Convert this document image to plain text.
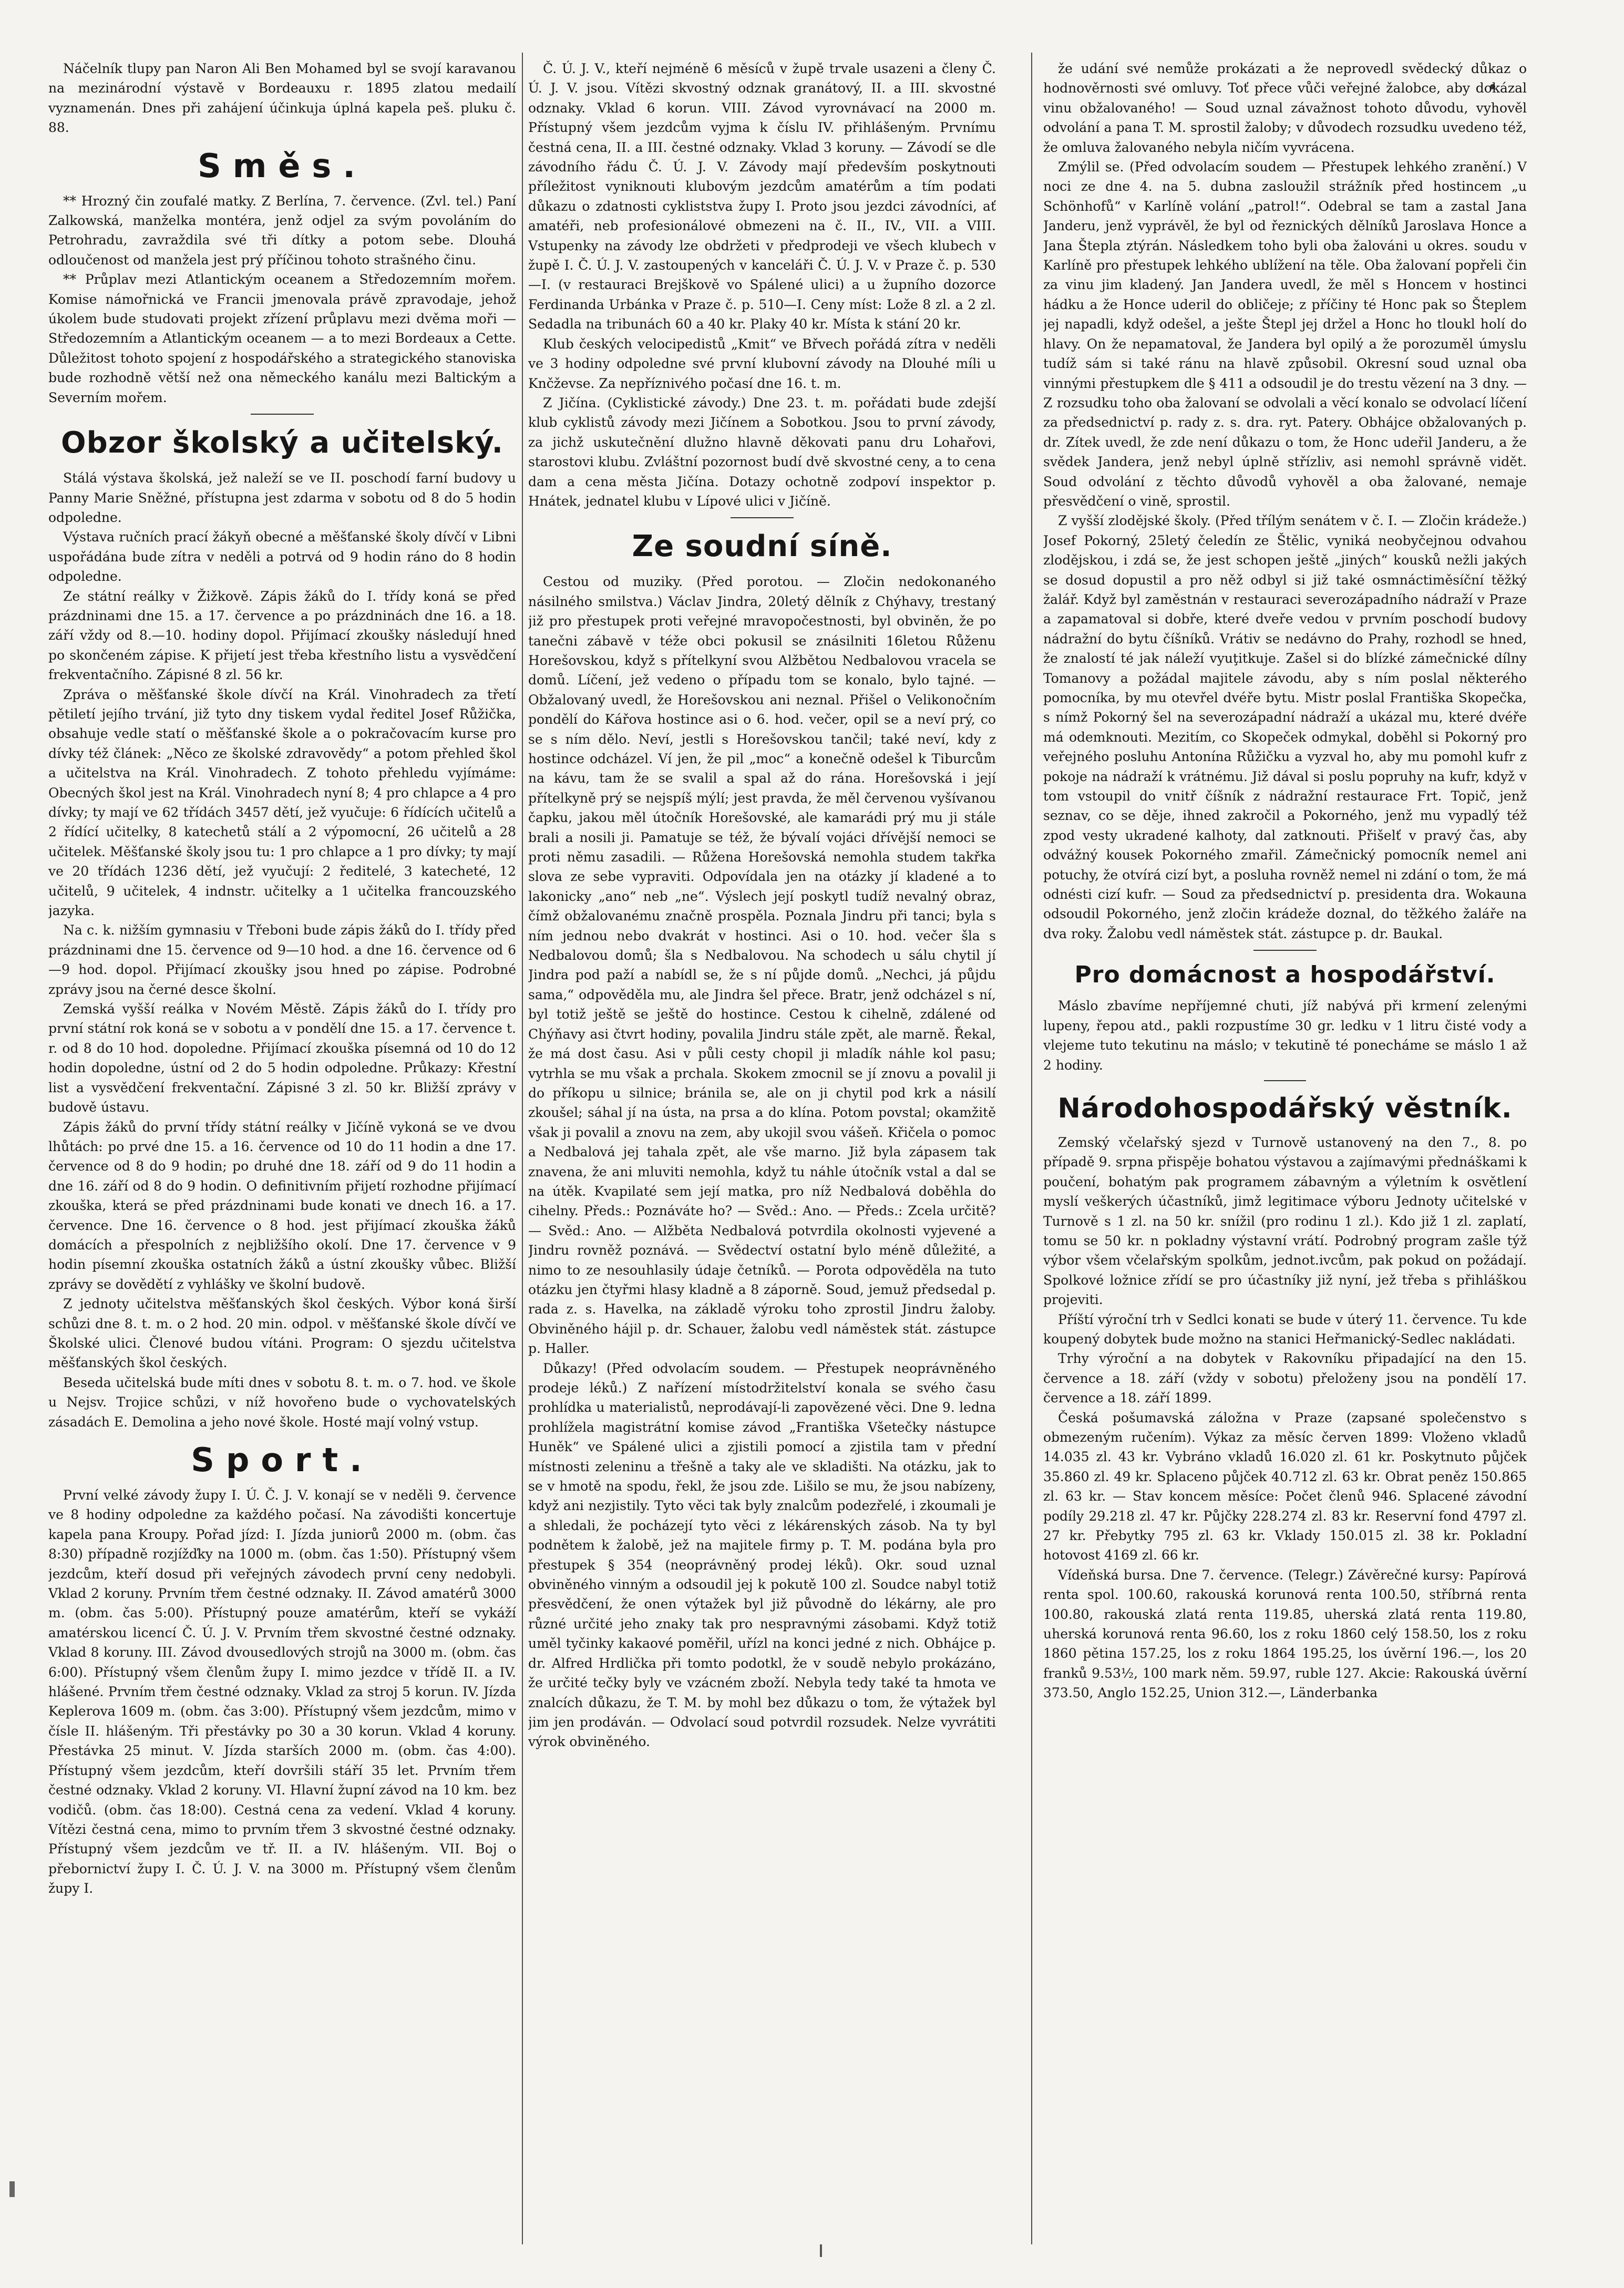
Náčelník tlupy pan Naron Ali Ben Mohamed byl se svojí karavanou na mezinárodní výstavě v Bordeauxu r. 1895 zlatou medailí vyznamenán. Dnes při zahájení účinkuja úplná kapela peš. pluku č. 88.

Směs.

** Hrozný čin zoufalé matky. Z Berlína, 7. července. (Zvl. tel.) Paní Zalkowská, manželka montéra, jenž odjel za svým povoláním do Petrohradu, zavraždila své tři dítky a potom sebe. Dlouhá odloučenost od manžela jest prý příčinou tohoto strašného činu.

** Průplav mezi Atlantickým oceanem a Středozemním mořem. Komise námořnická ve Francii jmenovala právě zpravodaje, jehož úkolem bude studovati projekt zřízení průplavu mezi dvěma moři — Středozemním a Atlantickým oceanem — a to mezi Bordeaux a Cette. Důležitost tohoto spojení z hospodářského a strategického stanoviska bude rozhodně větší než ona německého kanálu mezi Baltickým a Severním mořem.

Obzor školský a učitelský.

Stálá výstava školská, jež naleží se ve II. poschodí farní budovy u Panny Marie Sněžné, přístupna jest zdarma v sobotu od 8 do 5 hodin odpoledne.

Výstava ručních prací žákyň obecné a měšťanské školy dívčí v Libni uspořádána bude zítra v neděli a potrvá od 9 hodin ráno do 8 hodin odpoledne.

Ze státní reálky v Žižkově. Zápis žáků do I. třídy koná se před prázdninami dne 15. a 17. července a po prázdninách dne 16. a 18. září vždy od 8.—10. hodiny dopol. Přijímací zkoušky následují hned po skončeném zápise. K přijetí jest třeba křestního listu a vysvědčení frekventačního. Zápisné 8 zl. 56 kr.

Zpráva o měšťanské škole dívčí na Král. Vinohradech za třetí pětiletí jejího trvání, již tyto dny tiskem vydal ředitel Josef Růžička, obsahuje vedle statí o měšťanské škole a o pokračovacím kurse pro dívky též článek: „Něco ze školské zdravovědy“ a potom přehled škol a učitelstva na Král. Vinohradech. Z tohoto přehledu vyjímáme: Obecných škol jest na Král. Vinohradech nyní 8; 4 pro chlapce a 4 pro dívky; ty mají ve 62 třídách 3457 dětí, jež vyučuje: 6 řídících učitelů a 2 řídící učitelky, 8 katechetů stálí a 2 výpomocní, 26 učitelů a 28 učitelek. Měšťanské školy jsou tu: 1 pro chlapce a 1 pro dívky; ty mají ve 20 třídách 1236 dětí, jež vyučují: 2 ředitelé, 3 katecheté, 12 učitelů, 9 učitelek, 4 indnstr. učitelky a 1 učitelka francouzského jazyka.

Na c. k. nižším gymnasiu v Třeboni bude zápis žáků do I. třídy před prázdninami dne 15. července od 9—10 hod. a dne 16. července od 6—9 hod. dopol. Přijímací zkoušky jsou hned po zápise. Podrobné zprávy jsou na černé desce školní.

Zemská vyšší reálka v Novém Městě. Zápis žáků do I. třídy pro první státní rok koná se v sobotu a v pondělí dne 15. a 17. července t. r. od 8 do 10 hod. dopoledne. Přijímací zkouška písemná od 10 do 12 hodin dopoledne, ústní od 2 do 5 hodin odpoledne. Průkazy: Křestní list a vysvědčení frekventační. Zápisné 3 zl. 50 kr. Bližší zprávy v budově ústavu.

Zápis žáků do první třídy státní reálky v Jičíně vykoná se ve dvou lhůtách: po prvé dne 15. a 16. července od 10 do 11 hodin a dne 17. července od 8 do 9 hodin; po druhé dne 18. září od 9 do 11 hodin a dne 16. září od 8 do 9 hodin. O definitivním přijetí rozhodne přijímací zkouška, která se před prázdninami bude konati ve dnech 16. a 17. července. Dne 16. července o 8 hod. jest přijímací zkouška žáků domácích a přespolních z nejbližšího okolí. Dne 17. července v 9 hodin písemní zkouška ostatních žáků a ústní zkoušky vůbec. Bližší zprávy se dovědětí z vyhlášky ve školní budově.

Z jednoty učitelstva měšťanských škol českých. Výbor koná širší schůzi dne 8. t. m. o 2 hod. 20 min. odpol. v měšťanské škole dívčí ve Školské ulici. Členové budou vítáni. Program: O sjezdu učitelstva měšťanských škol českých.

Beseda učitelská bude míti dnes v sobotu 8. t. m. o 7. hod. ve škole u Nejsv. Trojice schůzi, v níž hovořeno bude o vychovatelských zásadách E. Demolina a jeho nové škole. Hosté mají volný vstup.

Sport.

První velké závody župy I. Ú. Č. J. V. konají se v neděli 9. července ve 8 hodiny odpoledne za každého počasí. Na závodišti koncertuje kapela pana Kroupy. Pořad jízd: I. Jízda juniorů 2000 m. (obm. čas 8:30) případně rozjížďky na 1000 m. (obm. čas 1:50). Přístupný všem jezdcům, kteří dosud při veřejných závodech první ceny nedobyli. Vklad 2 koruny. Prvním třem čestné odznaky. II. Závod amatérů 3000 m. (obm. čas 5:00). Přístupný pouze amatérům, kteří se vykáží amatérskou licencí Č. Ú. J. V. Prvním třem skvostné čestné odznaky. Vklad 8 koruny. III. Závod dvousedlových strojů na 3000 m. (obm. čas 6:00). Přístupný všem členům župy I. mimo jezdce v třídě II. a IV. hlášené. Prvním třem čestné odznaky. Vklad za stroj 5 korun. IV. Jízda Keplerova 1609 m. (obm. čas 3:00). Přístupný všem jezdcům, mimo v čísle II. hlášeným. Tři přestávky po 30 a 30 korun. Vklad 4 koruny. Přestávka 25 minut. V. Jízda starších 2000 m. (obm. čas 4:00). Přístupný všem jezdcům, kteří dovršili stáří 35 let. Prvním třem čestné odznaky. Vklad 2 koruny. VI. Hlavní župní závod na 10 km. bez vodičů. (obm. čas 18:00). Cestná cena za vedení. Vklad 4 koruny. Vítězi čestná cena, mimo to prvním třem 3 skvostné čestné odznaky. Přístupný všem jezdcům ve tř. II. a IV. hlášeným. VII. Boj o přebornictví župy I. Č. Ú. J. V. na 3000 m. Přístupný všem členům župy I.

Č. Ú. J. V., kteří nejméně 6 měsíců v župě trvale usazeni a členy Č. Ú. J. V. jsou. Vítězi skvostný odznak granátový, II. a III. skvostné odznaky. Vklad 6 korun. VIII. Závod vyrovnávací na 2000 m. Přístupný všem jezdcům vyjma k číslu IV. přihlášeným. Prvnímu čestná cena, II. a III. čestné odznaky. Vklad 3 koruny. — Závodí se dle závodního řádu Č. Ú. J. V. Závody mají především poskytnouti příležitost vyniknouti klubovým jezdcům amatérům a tím podati důkazu o zdatnosti cykliststva župy I. Proto jsou jezdci závodníci, ať amatéři, neb profesionálové obmezeni na č. II., IV., VII. a VIII. Vstupenky na závody lze obdržeti v předprodeji ve všech klubech v župě I. Č. Ú. J. V. zastoupených v kanceláři Č. Ú. J. V. v Praze č. p. 530—I. (v restauraci Brejškově vo Spálené ulici) a u župního dozorce Ferdinanda Urbánka v Praze č. p. 510—I. Ceny míst: Lože 8 zl. a 2 zl. Sedadla na tribunách 60 a 40 kr. Plaky 40 kr. Místa k stání 20 kr.

Klub českých velocipedistů „Kmit“ ve Břvech pořádá zítra v neděli ve 3 hodiny odpoledne své první klubovní závody na Dlouhé míli u Knčževse. Za nepříznivého počasí dne 16. t. m.

Z Jičína. (Cyklistické závody.) Dne 23. t. m. pořádati bude zdejší klub cyklistů závody mezi Jičínem a Sobotkou. Jsou to první závody, za jichž uskutečnění dlužno hlavně děkovati panu dru Lohařovi, starostovi klubu. Zvláštní pozornost budí dvě skvostné ceny, a to cena dam a cena města Jičína. Dotazy ochotně zodpoví inspektor p. Hnátek, jednatel klubu v Lípové ulici v Jičíně.

Ze soudní síně.

Cestou od muziky. (Před porotou. — Zločin nedokonaného násilného smilstva.) Václav Jindra, 20letý dělník z Chýhavy, trestaný již pro přestupek proti veřejné mravopočestnosti, byl obviněn, že po tanečni zábavě v téže obci pokusil se znásilniti 16letou Růženu Horešovskou, když s přítelkyní svou Alžbětou Nedbalovou vracela se domů. Líčení, jež vedeno o případu tom se konalo, bylo tajné. — Obžalovaný uvedl, že Horešovskou ani neznal. Přišel o Velikonočním pondělí do Kářova hostince asi o 6. hod. večer, opil se a neví prý, co se s ním dělo. Neví, jestli s Horešovskou tančil; také neví, kdy z hostince odcházel. Ví jen, že pil „moc“ a konečně odešel k Tiburcům na kávu, tam že se svalil a spal až do rána. Horešovská i její přítelkyně prý se nejspíš mýlí; jest pravda, že měl červenou vyšívanou čapku, jakou měl útočník Horešovské, ale kamarádi prý mu ji stále brali a nosili ji. Pamatuje se též, že bývalí vojáci dřívější nemoci se proti němu zasadili. — Růžena Horešovská nemohla studem takřka slova ze sebe vypraviti. Odpovídala jen na otázky jí kladené a to lakonicky „ano“ neb „ne“. Výslech její poskytl tudíž nevalný obraz, čímž obžalovanému značně prospěla. Poznala Jindru při tanci; byla s ním jednou nebo dvakrát v hostinci. Asi o 10. hod. večer šla s Nedbalovou domů; šla s Nedbalovou. Na schodech u sálu chytil jí Jindra pod paží a nabídl se, že s ní půjde domů. „Nechci, já půjdu sama,“ odpověděla mu, ale Jindra šel přece. Bratr, jenž odcházel s ní, byl totiž ještě se ještě do hostince. Cestou k cihelně, zdálené od Chýňavy asi čtvrt hodiny, povalila Jindru stále zpět, ale marně. Řekal, že má dost času. Asi v půli cesty chopil ji mladík náhle kol pasu; vytrhla se mu však a prchala. Skokem zmocnil se jí znovu a povalil ji do příkopu u silnice; bránila se, ale on ji chytil pod krk a násilí zkoušel; sáhal jí na ústa, na prsa a do klína. Potom povstal; okamžitě však ji povalil a znovu na zem, aby ukojil svou vášeň. Křičela o pomoc a Nedbalová jej tahala zpět, ale vše marno. Již byla zápasem tak znavena, že ani mluviti nemohla, když tu náhle útočník vstal a dal se na útěk. Kvapilaté sem její matka, pro níž Nedbalová doběhla do cihelny. Předs.: Poznáváte ho? — Svěd.: Ano. — Předs.: Zcela určitě? — Svěd.: Ano. — Alžběta Nedbalová potvrdila okolnosti vyjevené a Jindru rovněž poznává. — Svědectví ostatní bylo méně důležité, a nimo to ze nesouhlasily údaje četníků. — Porota odpověděla na tuto otázku jen čtyřmi hlasy kladně a 8 záporně. Soud, jemuž předsedal p. rada z. s. Havelka, na základě výroku toho zprostil Jindru žaloby. Obviněného hájil p. dr. Schauer, žalobu vedl náměstek stát. zástupce p. Haller.

Důkazy! (Před odvolacím soudem. — Přestupek neoprávněného prodeje léků.) Z nařízení místodržitelství konala se svého času prohlídka u materialistů, neprodávají-li zapovězené věci. Dne 9. ledna prohlížela magistrátní komise závod „Františka Všetečky nástupce Huněk“ ve Spálené ulici a zjistili pomocí a zjistila tam v přední místnosti zeleninu a třešně a taky ale ve skladišti. Na otázku, jak to se v hmotě na spodu, řekl, že jsou zde. Lišilo se mu, že jsou nabízeny, když ani nezjistily. Tyto věci tak byly znalcům podezřelé, i zkoumali je a shledali, že pocházejí tyto věci z lékárenských zásob. Na ty byl podnětem k žalobě, jež na majitele firmy p. T. M. podána byla pro přestupek § 354 (neoprávněný prodej léků). Okr. soud uznal obviněného vinným a odsoudil jej k pokutě 100 zl. Soudce nabyl totiž přesvědčení, že onen výtažek byl již původně do lékárny, ale pro různé určité jeho znaky tak pro nespravnými zásobami. Když totiž uměl tyčinky kakaové poměřil, uřízl na konci jedné z nich. Obhájce p. dr. Alfred Hrdlička při tomto podotkl, že v soudě nebylo prokázáno, že určité tečky byly ve vzácném zboží. Nebyla tedy také ta hmota ve znalcích důkazu, že T. M. by mohl bez důkazu o tom, že výtažek byl jim jen prodáván. — Odvolací soud potvrdil rozsudek. Nelze vyvrátiti výrok obviněného.

že udání své nemůže prokázati a že neprovedl svědecký důkaz o hodnověrnosti své omluvy. Toť přece vůči veřejné žalobce, aby dokázal vinu obžalovaného! — Soud uznal závažnost tohoto důvodu, vyhověl odvolání a pana T. M. sprostil žaloby; v důvodech rozsudku uvedeno též, že omluva žalovaného nebyla ničím vyvrácena.

Zmýlil se. (Před odvolacím soudem — Přestupek lehkého zranění.) V noci ze dne 4. na 5. dubna zasloužil strážník před hostincem „u Schönhofů“ v Karlíně volání „patrol!“. Odebral se tam a zastal Jana Janderu, jenž vyprávěl, že byl od řeznických dělníků Jaroslava Honce a Jana Štepla ztýrán. Následkem toho byli oba žalováni u okres. soudu v Karlíně pro přestupek lehkého ublížení na těle. Oba žalovaní popřeli čin za vinu jim kladený. Jan Jandera uvedl, že měl s Honcem v hostinci hádku a že Honce uderil do obličeje; z příčiny té Honc pak so Šteplem jej napadli, když odešel, a ješte Štepl jej držel a Honc ho tloukl holí do hlavy. On že nepamatoval, že Jandera byl opilý a že porozuměl úmyslu tudíž sám si také ránu na hlavě způsobil. Okresní soud uznal oba vinnými přestupkem dle § 411 a odsoudil je do trestu vězení na 3 dny. — Z rozsudku toho oba žalovaní se odvolali a věcí konalo se odvolací líčení za předsednictví p. rady z. s. dra. ryt. Patery. Obhájce obžalovaných p. dr. Zítek uvedl, že zde není důkazu o tom, že Honc udeřil Janderu, a že svědek Jandera, jenž nebyl úplně střízliv, asi nemohl správně vidět. Soud odvolání z těchto důvodů vyhověl a oba žalované, nemaje přesvědčení o vině, sprostil.

Z vyšší zlodějské školy. (Před třílým senátem v č. I. — Zločin krádeže.) Josef Pokorný, 25letý čeledín ze Štělic, vyniká neobyčejnou odvahou zlodějskou, i zdá se, že jest schopen ještě „jiných“ kousků nežli jakých se dosud dopustil a pro něž odbyl si již také osmnáctiměsíční těžký žalář. Když byl zaměstnán v restauraci severozápadního nádraží v Praze a zapamatoval si dobře, které dveře vedou v prvním poschodí budovy nádražní do bytu číšníků. Vrátiv se nedávno do Prahy, rozhodl se hned, že znalostí té jak náleží vyuţitkuje. Zašel si do blízké zámečnické dílny Tomanovy a požádal majitele závodu, aby s ním poslal některého pomocníka, by mu otevřel dvéře bytu. Mistr poslal Františka Skopečka, s nímž Pokorný šel na severozápadní nádraží a ukázal mu, které dvéře má odemknouti. Mezitím, co Skopeček odmykal, doběhl si Pokorný pro veřejného posluhu Antonína Růžičku a vyzval ho, aby mu pomohl kufr z pokoje na nádraží k vrátnému. Již dával si poslu popruhy na kufr, když v tom vstoupil do vnitř číšník z nádražní restaurace Frt. Topič, jenž seznav, co se děje, ihned zakročil a Pokorného, jenž mu vypadlý též zpod vesty ukradené kalhoty, dal zatknouti. Přišelť v pravý čas, aby odvážný kousek Pokorného zmařil. Zámečnický pomocník nemel ani potuchy, že otvírá cizí byt, a posluha rovněž nemel ni zdání o tom, že má odnésti cizí kufr. — Soud za předsednictví p. presidenta dra. Wokauna odsoudil Pokorného, jenž zločin krádeže doznal, do těžkého žaláře na dva roky. Žalobu vedl náměstek stát. zástupce p. dr. Baukal.

Pro domácnost a hospodářství.

Máslo zbavíme nepříjemné chuti, jíž nabývá při krmení zelenými lupeny, řepou atd., pakli rozpustíme 30 gr. ledku v 1 litru čisté vody a vlejeme tuto tekutinu na máslo; v tekutině té ponecháme se máslo 1 až 2 hodiny.

Národohospodářský věstník.

Zemský včelařský sjezd v Turnově ustanovený na den 7., 8. po případě 9. srpna přispěje bohatou výstavou a zajímavými přednáškami k poučení, bohatým pak programem zábavným a výletním k osvětlení myslí veškerých účastníků, jimž legitimace výboru Jednoty učitelské v Turnově s 1 zl. na 50 kr. snížil (pro rodinu 1 zl.). Kdo již 1 zl. zaplatí, tomu se 50 kr. n pokladny výstavní vrátí. Podrobný program zašle týž výbor všem včelařským spolkům, jednot.ivcům, pak pokud on požádají. Spolkové ložnice zřídí se pro účastníky již nyní, jež třeba s přihláškou projeviti.

Příští výroční trh v Sedlci konati se bude v úterý 11. července. Tu kde koupený dobytek bude možno na stanici Heřmanický-Sedlec nakládati.

Trhy výroční a na dobytek v Rakovníku připadající na den 15. července a 18. září (vždy v sobotu) přeloženy jsou na pondělí 17. července a 18. září 1899.

Česká pošumavská záložna v Praze (zapsané společenstvo s obmezeným ručením). Výkaz za měsíc červen 1899: Vloženo vkladů 14.035 zl. 43 kr. Vybráno vkladů 16.020 zl. 61 kr. Poskytnuto půjček 35.860 zl. 49 kr. Splaceno půjček 40.712 zl. 63 kr. Obrat peněz 150.865 zl. 63 kr. — Stav koncem měsíce: Počet členů 946. Splacené závodní podíly 29.218 zl. 47 kr. Půjčky 228.274 zl. 83 kr. Reservní fond 4797 zl. 27 kr. Přebytky 795 zl. 63 kr. Vklady 150.015 zl. 38 kr. Pokladní hotovost 4169 zl. 66 kr.

Vídeňská bursa. Dne 7. července. (Telegr.) Závěrečné kursy: Papírová renta spol. 100.60, rakouská korunová renta 100.50, stříbrná renta 100.80, rakouská zlatá renta 119.85, uherská zlatá renta 119.80, uherská korunová renta 96.60, los z roku 1860 celý 158.50, los z roku 1860 pětina 157.25, los z roku 1864 195.25, los úvěrní 196.—, los 20 franků 9.53½, 100 mark něm. 59.97, ruble 127. Akcie: Rakouská úvěrní 373.50, Anglo 152.25, Union 312.—, Länderbanka
